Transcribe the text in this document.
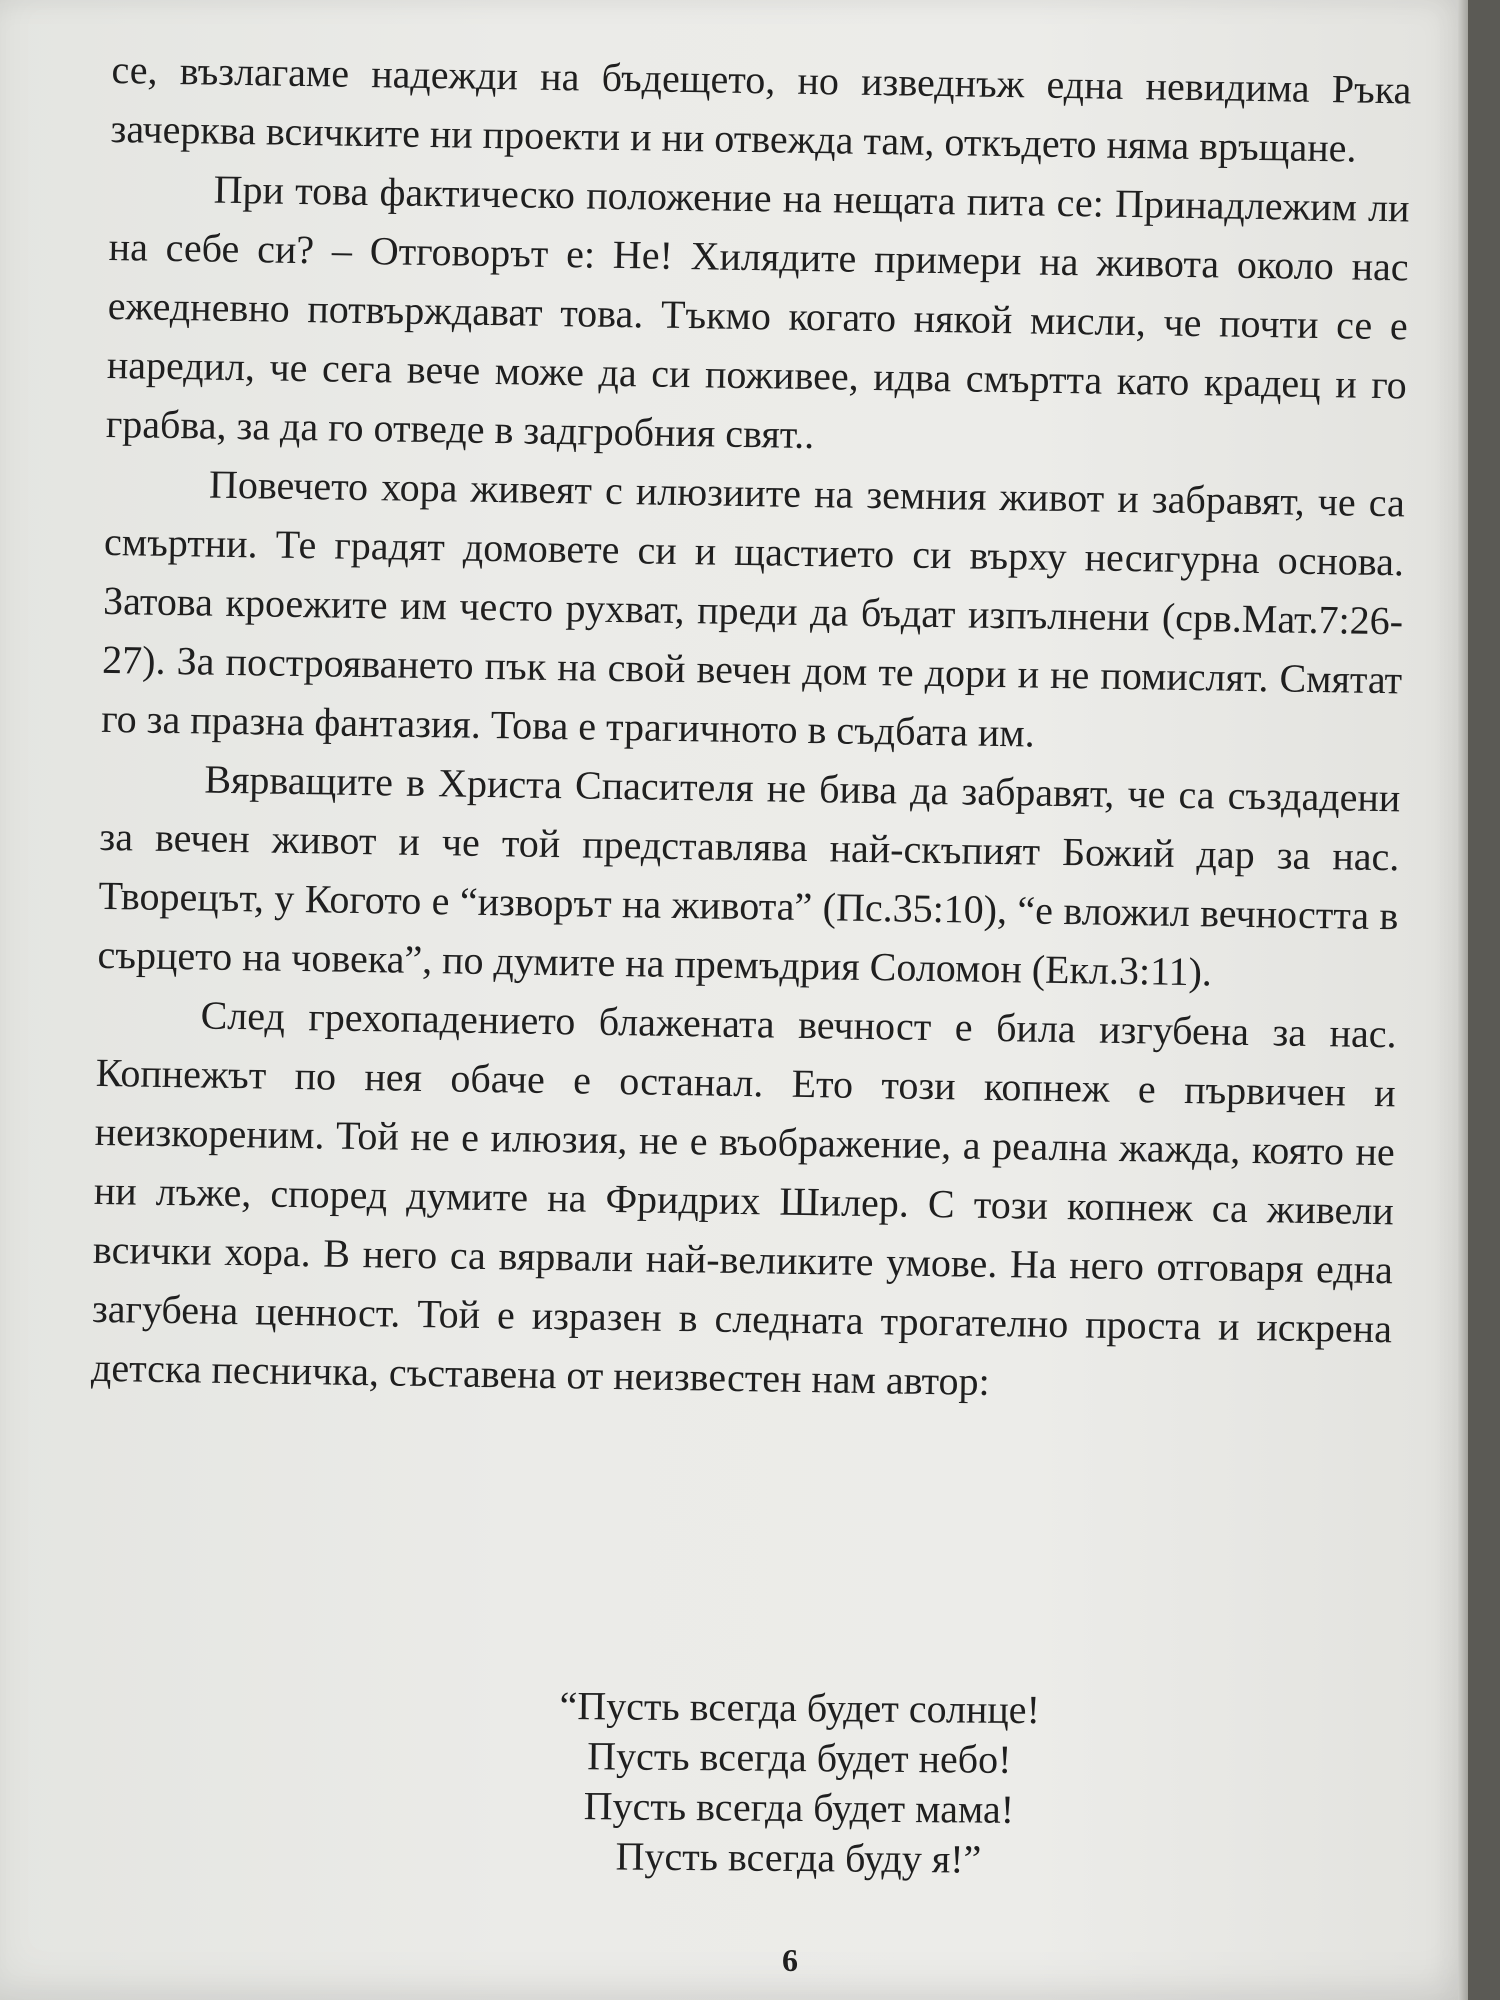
се, възлагаме надежди на бъдещето, но изведнъж една невидима Ръка зачерква всичките ни проекти и ни отвежда там, откъдето няма връщане.

При това фактическо положение на нещата пита се: Принадлежим ли на себе си? – Отговорът е: Не! Хилядите примери на живота около нас ежедневно потвърждават това. Тъкмо когато някой мисли, че почти се е наредил, че сега вече може да си поживее, идва смъртта като крадец и го грабва, за да го отведе в задгробния свят..

Повечето хора живеят с илюзиите на земния живот и забравят, че са смъртни. Те градят домовете си и щастието си върху несигурна основа. Затова кроежите им често рухват, преди да бъдат изпълнени (срв.Мат.7:26-27). За построяването пък на свой вечен дом те дори и не помислят. Смятат го за празна фантазия. Това е трагичното в съдбата им.

Вярващите в Христа Спасителя не бива да забравят, че са създадени за вечен живот и че той представлява най-скъпият Божий дар за нас. Творецът, у Когото е “изворът на живота” (Пс.35:10), “е вложил вечността в сърцето на човека”, по думите на премъдрия Соломон (Екл.3:11).

След грехопадението блажената вечност е била изгубена за нас. Копнежът по нея обаче е останал. Ето този копнеж е първичен и неизкореним. Той не е илюзия, не е въображение, а реална жажда, която не ни лъже, според думите на Фридрих Шилер. С този копнеж са живели всички хора. В него са вярвали най-великите умове. На него отговаря една загубена ценност. Той е изразен в следната трогателно проста и искрена детска песничка, съставена от неизвестен нам автор:

“Пусть всегда будет солнце!
Пусть всегда будет небо!
Пусть всегда будет мама!
Пусть всегда буду я!”
6
